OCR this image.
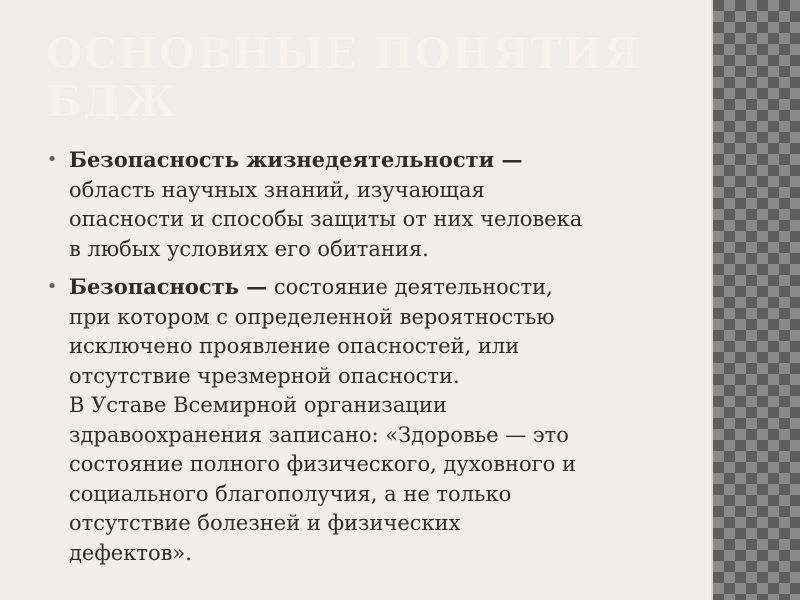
ОСНОВНЫЕ ПОНЯТИЯ БДЖ
• Безопасность жизнедеятельности —
область научных знаний, изучающая
опасности и способы защиты от них человека
в любых условиях его обитания.
• Безопасность — состояние деятельности,
при котором с определенной вероятностью
исключено проявление опасностей, или
отсутствие чрезмерной опасности.
В Уставе Всемирной организации
здравоохранения записано: «Здоровье — это
состояние полного физического, духовного и
социального благополучия, а не только
отсутствие болезней и физических
дефектов».
